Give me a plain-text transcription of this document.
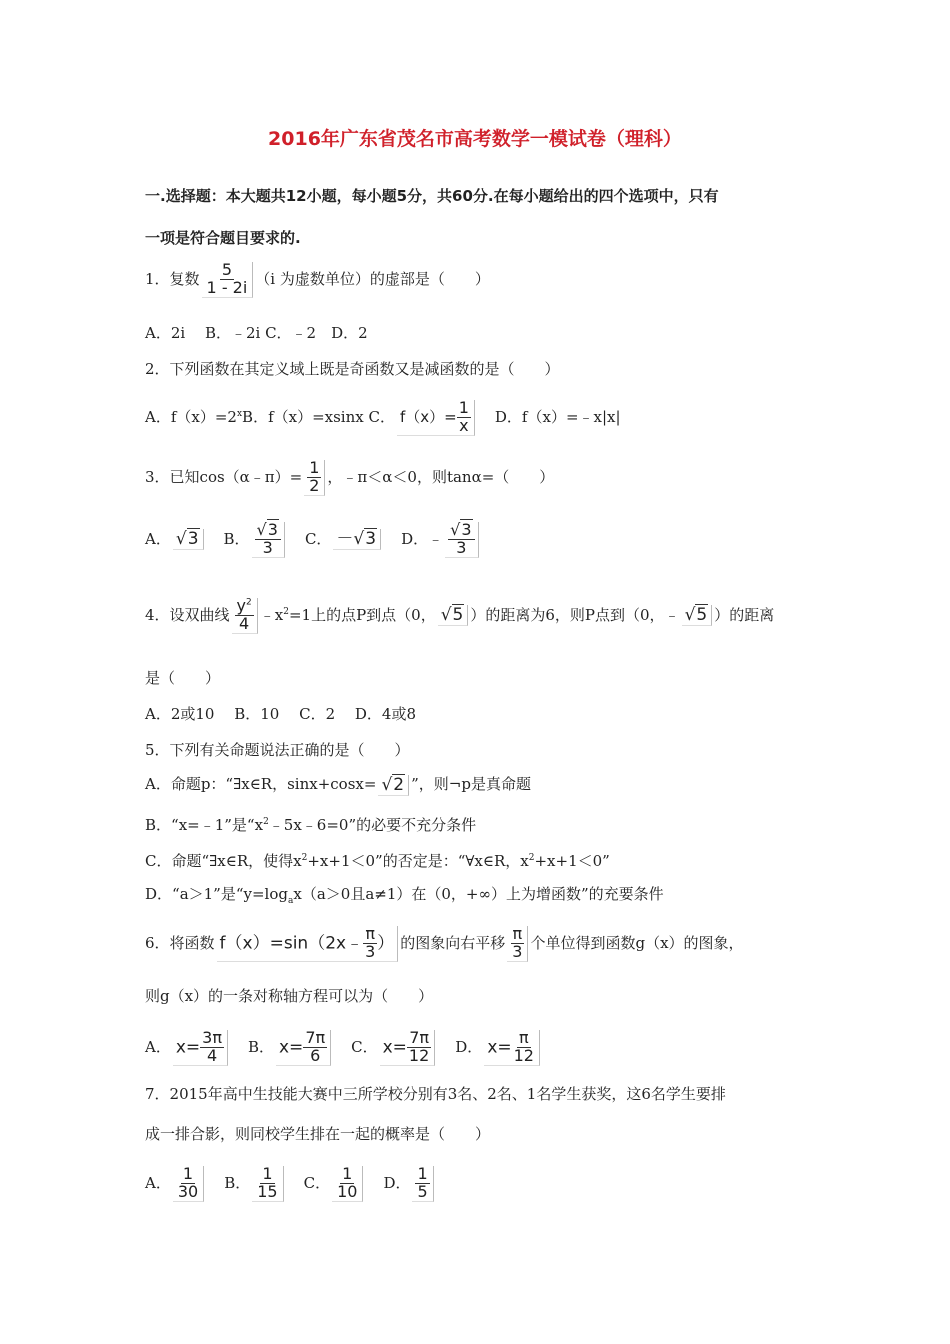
2016年广东省茂名市高考数学一模试卷（理科）
一.选择题：本大题共12小题，每小题5分，共60分.在每小题给出的四个选项中，只有
一项是符合题目要求的.
1．复数 $\frac{5}{1 - 2i} (i$ 为虚数单位）的虚部是（　　）
A．2i　 B．﹣2i C．﹣2　D．2
2．下列函数在其定义域上既是奇函数又是减函数的是（　　）
A．$f(x)=2^xB$．f（x）=xsinx C． $f(x)= \frac{1}{x}$ D．f（x）=﹣x|x|
3．已知cos（α﹣π）= $\frac{1}{2}$ ，﹣π＜α＜0，则tanα=（　　）
A． √3 B． $\frac{√3}{3}$ C． －√3 D．﹣ $\frac{√3}{3}$
4．设双曲线 $\frac{y^2}{4}$ $﹣x^2=1$上的点P到点（0， √5 ）的距离为6，则P点到（0，﹣ √5 ）的距离
是（　　）
A．2或10　 B．10　 C．2　 D．4或8
5．下列有关命题说法正确的是（　　）
A．命题p：“∃x∈R，sinx+cosx= √2 ”，则¬p是真命题
B．“x=﹣1”是“$x^2﹣5x﹣6=0$”的必要不充分条件
C．命题“∃x∈R，使得$x^2+x+1<0$”的否定是：“∀x∈R，$x^2+x+1<0$”
D．“a＞1”是“$y=\log_ax(a>0$且a≠1）在（0，+∞）上为增函数”的充要条件
6．将函数 f（x）=sin（2x﹣ $\frac{\pi}{3}$ ） 的图象向右平移 $\frac{\pi}{3}$ 个单位得到函数g（x）的图象，
则g（x）的一条对称轴方程可以为（　　）
A． $x= \frac{3\pi}{4}$ B． $x= \frac{7\pi}{6}$ C． $x= \frac{7\pi}{12}$ D． $x= \frac{\pi}{12}$
7．2015年高中生技能大赛中三所学校分别有3名、2名、1名学生获奖，这6名学生要排
成一排合影，则同校学生排在一起的概率是（　　）
A． $\frac{1}{30}$ B． $\frac{1}{15}$ C． $\frac{1}{10}$ D． $\frac{1}{5}$
